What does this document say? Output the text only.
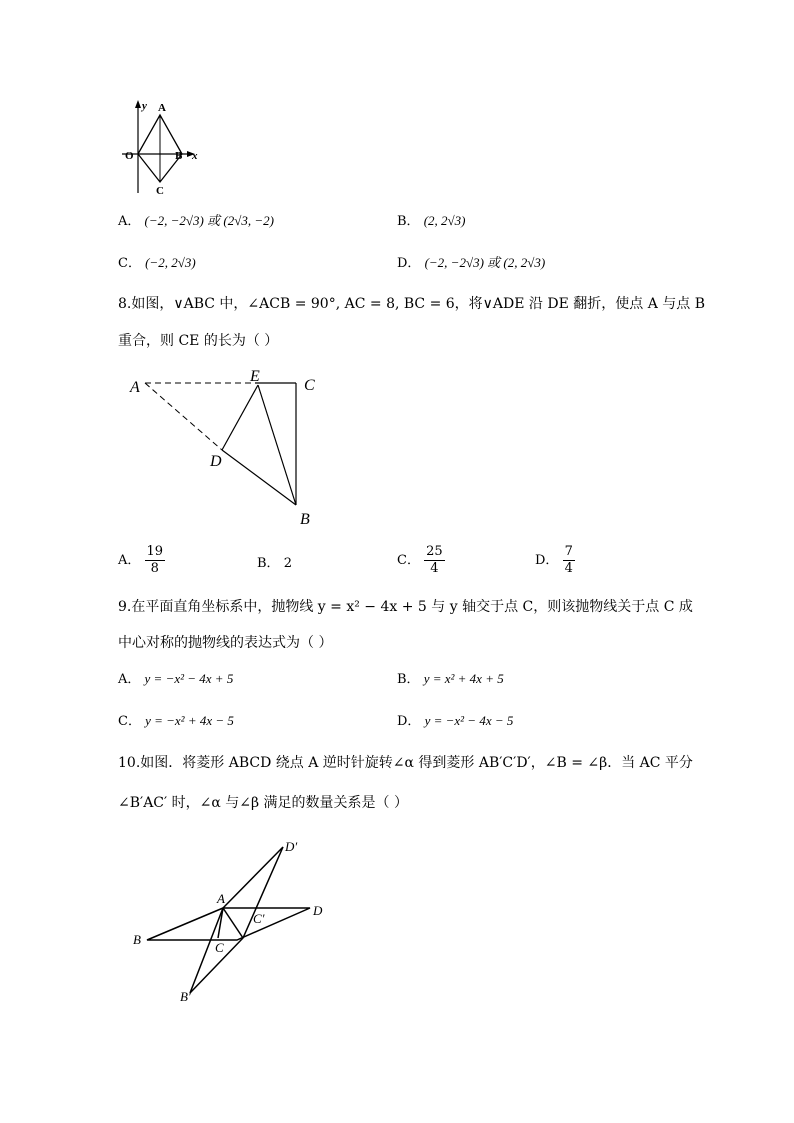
y A
O	B x
C
A． (−2, −2√3) 或 (2√3, −2)	B． (2, 2√3)
C． (−2, 2√3)	D． (−2, −2√3) 或 (2, 2√3)
8.如图，∨ABC 中，∠ACB = 90°, AC = 8, BC = 6，将∨ADE 沿 DE 翻折，使点 A 与点 B
重合，则 CE 的长为（ ）
A
E
C
D
B
A． $\frac{19}{8}$	B． 2	C． $\frac{25}{4}$	D． $\frac{7}{4}$
9.在平面直角坐标系中，抛物线 y = x² − 4x + 5 与 y 轴交于点 C，则该抛物线关于点 C 成
中心对称的抛物线的表达式为（ ）
A． y = −x² − 4x + 5	B． y = x² + 4x + 5
C． y = −x² + 4x − 5	D． y = −x² − 4x − 5
10.如图．将菱形 ABCD 绕点 A 逆时针旋转∠α 得到菱形 AB′C′D′，∠B = ∠β．当 AC 平分
∠B′AC′ 时，∠α 与∠β 满足的数量关系是（ ）
D′
A
C′
D
B
C
B′
